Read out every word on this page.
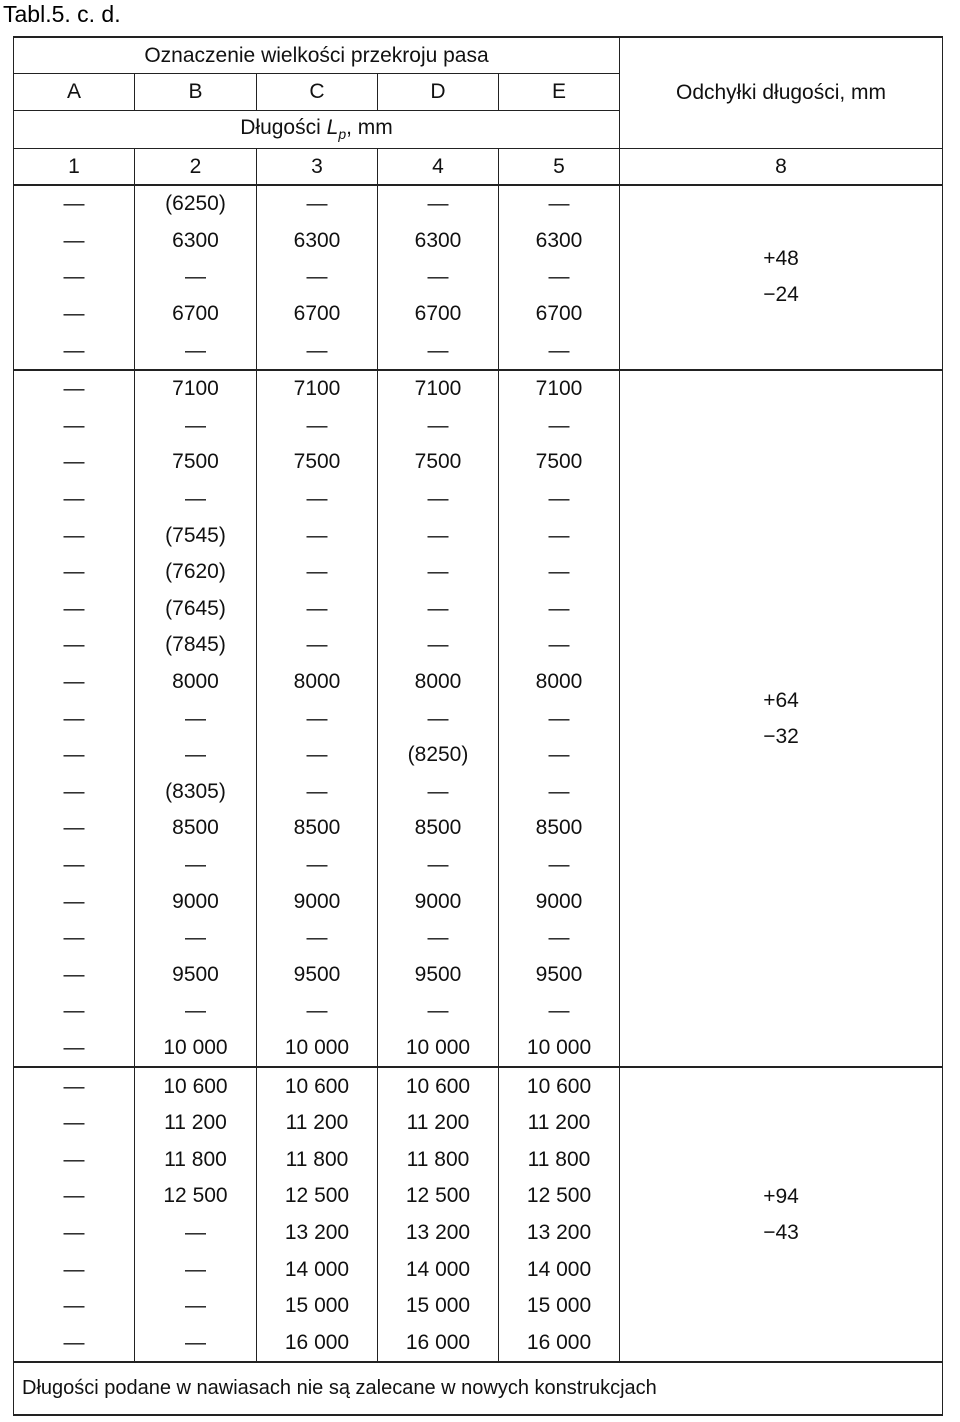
Tabl.5. c. d.
Oznaczenie wielkości przekroju pasa					Odchyłki długości, mm
A	B	C	D	E	
Długości $L_p$, mm					
1	2	3	4	5	8
—	(6250)	—	—	—	+48
−24

—	6300	6300	6300	6300	
—	—	—	—	—	
—	6700	6700	6700	6700	
—	—	—	—	—	
—	7100	7100	7100	7100	+64
−32

—	—	—	—	—	
—	7500	7500	7500	7500	
—	—	—	—	—	
—	(7545)	—	—	—	
—	(7620)	—	—	—	
—	(7645)	—	—	—	
—	(7845)	—	—	—	
—	8000	8000	8000	8000	
—	—	—	—	—	
—	—	—	(8250)	—	
—	(8305)	—	—	—	
—	8500	8500	8500	8500	
—	—	—	—	—	
—	9000	9000	9000	9000	
—	—	—	—	—	
—	9500	9500	9500	9500	
—	—	—	—	—	
—	10 000	10 000	10 000	10 000	
—	10 600	10 600	10 600	10 600	+94
−43

—	11 200	11 200	11 200	11 200	
—	11 800	11 800	11 800	11 800	
—	12 500	12 500	12 500	12 500	
—	—	13 200	13 200	13 200	
—	—	14 000	14 000	14 000	
—	—	15 000	15 000	15 000	
—	—	16 000	16 000	16 000	
Długości podane w nawiasach nie są zalecane w nowych konstrukcjach					
